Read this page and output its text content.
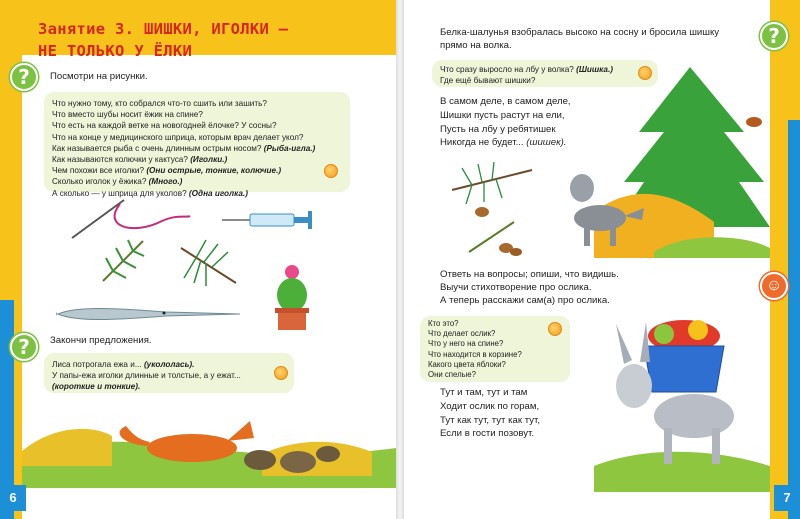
Занятие 3. ШИШКИ, ИГОЛКИ –
НЕ ТОЛЬКО У ЁЛКИ
?	Посмотри на рисунки.
Что нужно тому, кто собрался что-то сшить или зашить?
Что вместо шубы носит ёжик на спине?
Что есть на каждой ветке на новогодней ёлочке? У сосны?
Что на конце у медицинского шприца, которым врач делает укол?
Как называется рыба с очень длинным острым носом? (Рыба-игла.)
Как называются колючки у кактуса? (Иголки.)
Чем похожи все иголки? (Они острые, тонкие, колючие.)
Сколько иголок у ёжика? (Много.)
А сколько — у шприца для уколов? (Одна иголка.)
?	Закончи предложения.
Лиса потрогала ежа и... (укололась).
У папы-ежа иголки длинные и толстые, а у ежат...
(короткие и тонкие).
6
Белка-шалунья взобралась высоко на сосну и бросила шишку
прямо на волка.	?
Что сразу выросло на лбу у волка? (Шишка.)
Где ещё бывают шишки?
В самом деле, в самом деле,
Шишки пусть растут на ели,
Пусть на лбу у ребятишек
Никогда не будет... (шишек).
Ответь на вопросы; опиши, что видишь.
Выучи стихотворение про ослика.
А теперь расскажи сам(а) про ослика.
☺
Кто это?
Что делает ослик?
Что у него на спине?
Что находится в корзине?
Какого цвета яблоки?
Они спелые?
Тут и там, тут и там
Ходит ослик по горам,
Тут как тут, тут как тут,
Если в гости позовут.
7
